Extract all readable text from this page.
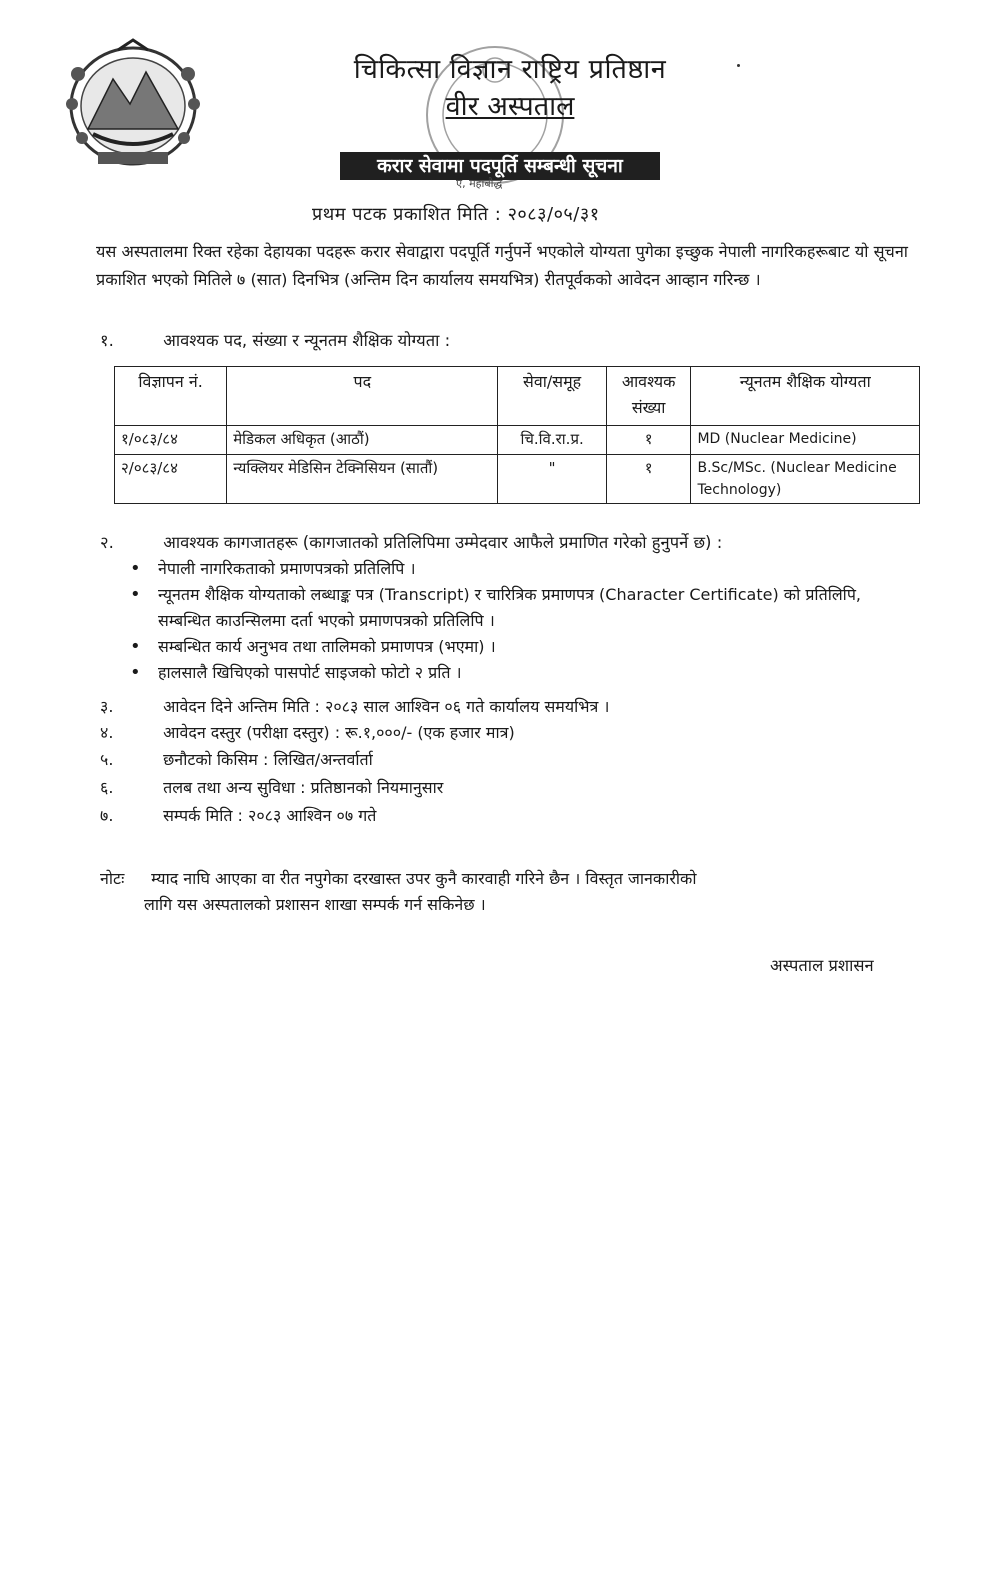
चिकित्सा विज्ञान राष्ट्रिय प्रतिष्ठान
वीर अस्पताल
करार सेवामा पदपूर्ति सम्बन्धी सूचना
ए, महाबौद्ध
प्रथम पटक प्रकाशित मिति : २०८३/०५/३१
यस अस्पतालमा रिक्त रहेका देहायका पदहरू करार सेवाद्वारा पदपूर्ति गर्नुपर्ने भएकोले योग्यता पुगेका इच्छुक नेपाली नागरिकहरूबाट यो सूचना प्रकाशित भएको मितिले ७ (सात) दिनभित्र (अन्तिम दिन कार्यालय समयभित्र) रीतपूर्वकको आवेदन आव्हान गरिन्छ ।
१.	आवश्यक पद, संख्या र न्यूनतम शैक्षिक योग्यता :
विज्ञापन नं.	पद	सेवा/समूह	आवश्यक संख्या	न्यूनतम शैक्षिक योग्यता
१/०८३/८४	मेडिकल अधिकृत (आठौं)	चि.वि.रा.प्र.	१	MD (Nuclear Medicine)
२/०८३/८४	न्यक्लियर मेडिसिन टेक्निसियन (सातौं)	"	१	B.Sc/MSc. (Nuclear Medicine Technology)
२.	आवश्यक कागजातहरू (कागजातको प्रतिलिपिमा उम्मेदवार आफैले प्रमाणित गरेको हुनुपर्ने छ) :
• नेपाली नागरिकताको प्रमाणपत्रको प्रतिलिपि ।
• न्यूनतम शैक्षिक योग्यताको लब्धाङ्क पत्र (Transcript) र चारित्रिक प्रमाणपत्र (Character Certificate) को प्रतिलिपि, सम्बन्धित काउन्सिलमा दर्ता भएको प्रमाणपत्रको प्रतिलिपि ।
• सम्बन्धित कार्य अनुभव तथा तालिमको प्रमाणपत्र (भएमा) ।
• हालसालै खिचिएको पासपोर्ट साइजको फोटो २ प्रति ।
३.	आवेदन दिने अन्तिम मिति : २०८३ साल आश्विन ०६ गते कार्यालय समयभित्र ।
४.	आवेदन दस्तुर (परीक्षा दस्तुर) : रू.१,०००/- (एक हजार मात्र)
५.	छनौटको किसिम : लिखित/अन्तर्वार्ता
६.	तलब तथा अन्य सुविधा : प्रतिष्ठानको नियमानुसार
७.	सम्पर्क मिति : २०८३ आश्विन ०७ गते
नोटः म्याद नाघि आएका वा रीत नपुगेका दरखास्त उपर कुनै कारवाही गरिने छैन । विस्तृत जानकारीको
लागि यस अस्पतालको प्रशासन शाखा सम्पर्क गर्न सकिनेछ ।
अस्पताल प्रशासन
